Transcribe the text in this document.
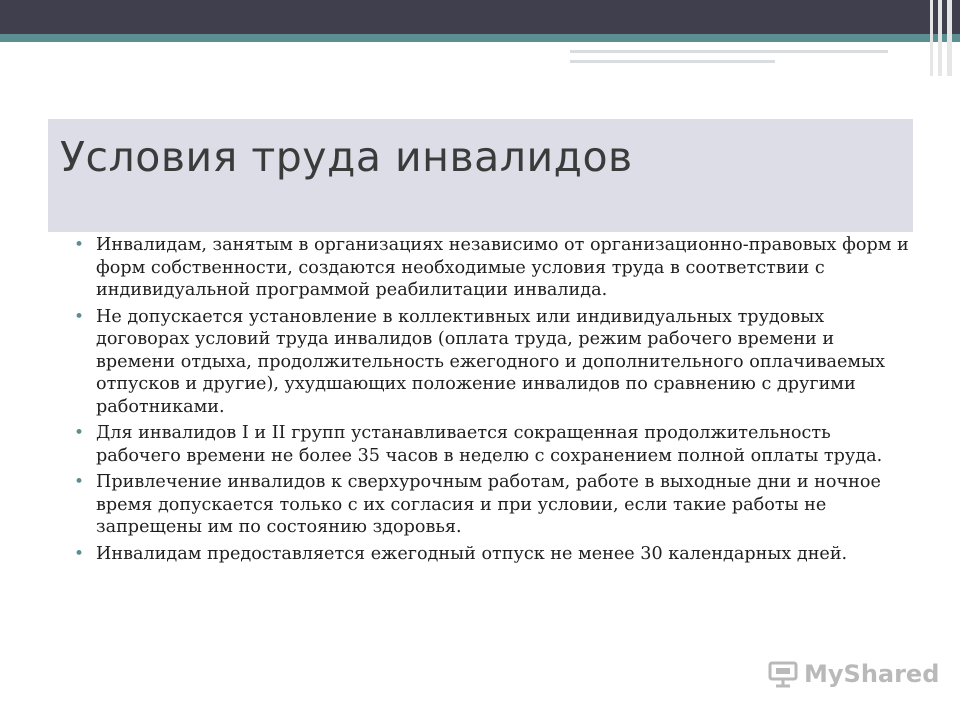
Условия труда инвалидов
• Инвалидам, занятым в организациях независимо от организационно-правовых форм и форм собственности, создаются необходимые условия труда в соответствии с индивидуальной программой реабилитации инвалида.
• Не допускается установление в коллективных или индивидуальных трудовых договорах условий труда инвалидов (оплата труда, режим рабочего времени и времени отдыха, продолжительность ежегодного и дополнительного оплачиваемых отпусков и другие), ухудшающих положение инвалидов по сравнению с другими работниками.
• Для инвалидов I и II групп устанавливается сокращенная продолжительность рабочего времени не более 35 часов в неделю с сохранением полной оплаты труда.
• Привлечение инвалидов к сверхурочным работам, работе в выходные дни и ночное время допускается только с их согласия и при условии, если такие работы не запрещены им по состоянию здоровья.
• Инвалидам предоставляется ежегодный отпуск не менее 30 календарных дней.
MyShared
